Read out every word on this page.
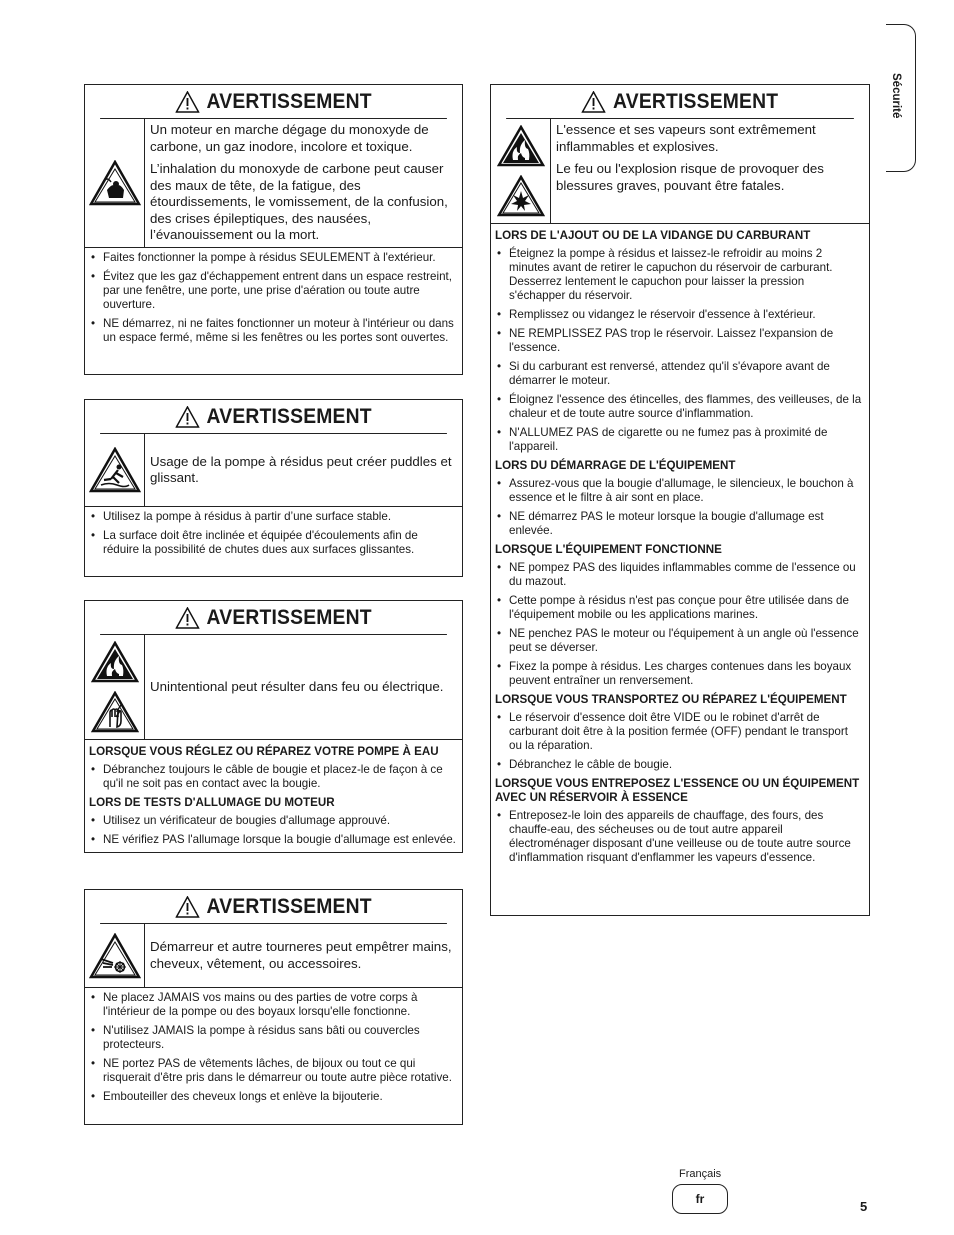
Sécurité
AVERTISSEMENT

Un moteur en marche dégage du monoxyde de carbone, un gaz inodore, incolore et toxique.

L’inhalation du monoxyde de carbone peut causer des maux de tête, de la fatigue, des étourdissements, le vomissement, de la confusion, des crises épileptiques, des nausées, l’évanouissement ou la mort.

• Faites fonctionner la pompe à résidus SEULEMENT à l'extérieur.
• Évitez que les gaz d'échappement entrent dans un espace restreint, par une fenêtre, une porte, une prise d'aération ou toute autre ouverture.
• NE démarrez, ni ne faites fonctionner un moteur à l'intérieur ou dans un espace fermé, même si les fenêtres ou les portes sont ouvertes.
AVERTISSEMENT

Usage de la pompe à résidus peut créer puddles et glissant.

• Utilisez la pompe à résidus à partir d’une surface stable.
• La surface doit être inclinée et équipée d'écoulements afin de réduire la possibilité de chutes dues aux surfaces glissantes.
AVERTISSEMENT

Unintentional peut résulter dans feu ou électrique.

LORSQUE VOUS RÉGLEZ OU RÉPAREZ VOTRE POMPE À EAU
• Débranchez toujours le câble de bougie et placez-le de façon à ce qu'il ne soit pas en contact avec la bougie.
LORS DE TESTS D'ALLUMAGE DU MOTEUR
• Utilisez un vérificateur de bougies d'allumage approuvé.
• NE vérifiez PAS l'allumage lorsque la bougie d'allumage est enlevée.
AVERTISSEMENT

Démarreur et autre tourneres peut empêtrer mains, cheveux, vêtement, ou accessoires.

• Ne placez JAMAIS vos mains ou des parties de votre corps à l'intérieur de la pompe ou des boyaux lorsqu'elle fonctionne.
• N'utilisez JAMAIS la pompe à résidus sans bâti ou couvercles protecteurs.
• NE portez PAS de vêtements lâches, de bijoux ou tout ce qui risquerait d'être pris dans le démarreur ou toute autre pièce rotative.
• Embouteiller des cheveux longs et enlève la bijouterie.
AVERTISSEMENT

L'essence et ses vapeurs sont extrêmement inflammables et explosives.

Le feu ou l'explosion risque de provoquer des blessures graves, pouvant être fatales.

LORS DE L'AJOUT OU DE LA VIDANGE DU CARBURANT
• Éteignez la pompe à résidus et laissez-le refroidir au moins 2 minutes avant de retirer le capuchon du réservoir de carburant. Desserrez lentement le capuchon pour laisser la pression s'échapper du réservoir.
• Remplissez ou vidangez le réservoir d'essence à l'extérieur.
• NE REMPLISSEZ PAS trop le réservoir. Laissez l'expansion de l'essence.
• Si du carburant est renversé, attendez qu'il s'évapore avant de démarrer le moteur.
• Éloignez l'essence des étincelles, des flammes, des veilleuses, de la chaleur et de toute autre source d'inflammation.
• N'ALLUMEZ PAS de cigarette ou ne fumez pas à proximité de l'appareil.
LORS DU DÉMARRAGE DE L'ÉQUIPEMENT
• Assurez-vous que la bougie d'allumage, le silencieux, le bouchon à essence et le filtre à air sont en place.
• NE démarrez PAS le moteur lorsque la bougie d'allumage est enlevée.
LORSQUE L'ÉQUIPEMENT FONCTIONNE
• NE pompez PAS des liquides inflammables comme de l'essence ou du mazout.
• Cette pompe à résidus n'est pas conçue pour être utilisée dans de l'équipement mobile ou les applications marines.
• NE penchez PAS le moteur ou l'équipement à un angle où l'essence peut se déverser.
• Fixez la pompe à résidus. Les charges contenues dans les boyaux peuvent entraîner un renversement.
LORSQUE VOUS TRANSPORTEZ OU RÉPAREZ L'ÉQUIPEMENT
• Le réservoir d'essence doit être VIDE ou le robinet d'arrêt de carburant doit être à la position fermée (OFF) pendant le transport ou la réparation.
• Débranchez le câble de bougie.
LORSQUE VOUS ENTREPOSEZ L'ESSENCE OU UN ÉQUIPEMENT AVEC UN RÉSERVOIR À ESSENCE
• Entreposez-le loin des appareils de chauffage, des fours, des chauffe-eau, des sécheuses ou de tout autre appareil électroménager disposant d'une veilleuse ou de toute autre source d'inflammation risquant d'enflammer les vapeurs d'essence.
Français
fr	5
